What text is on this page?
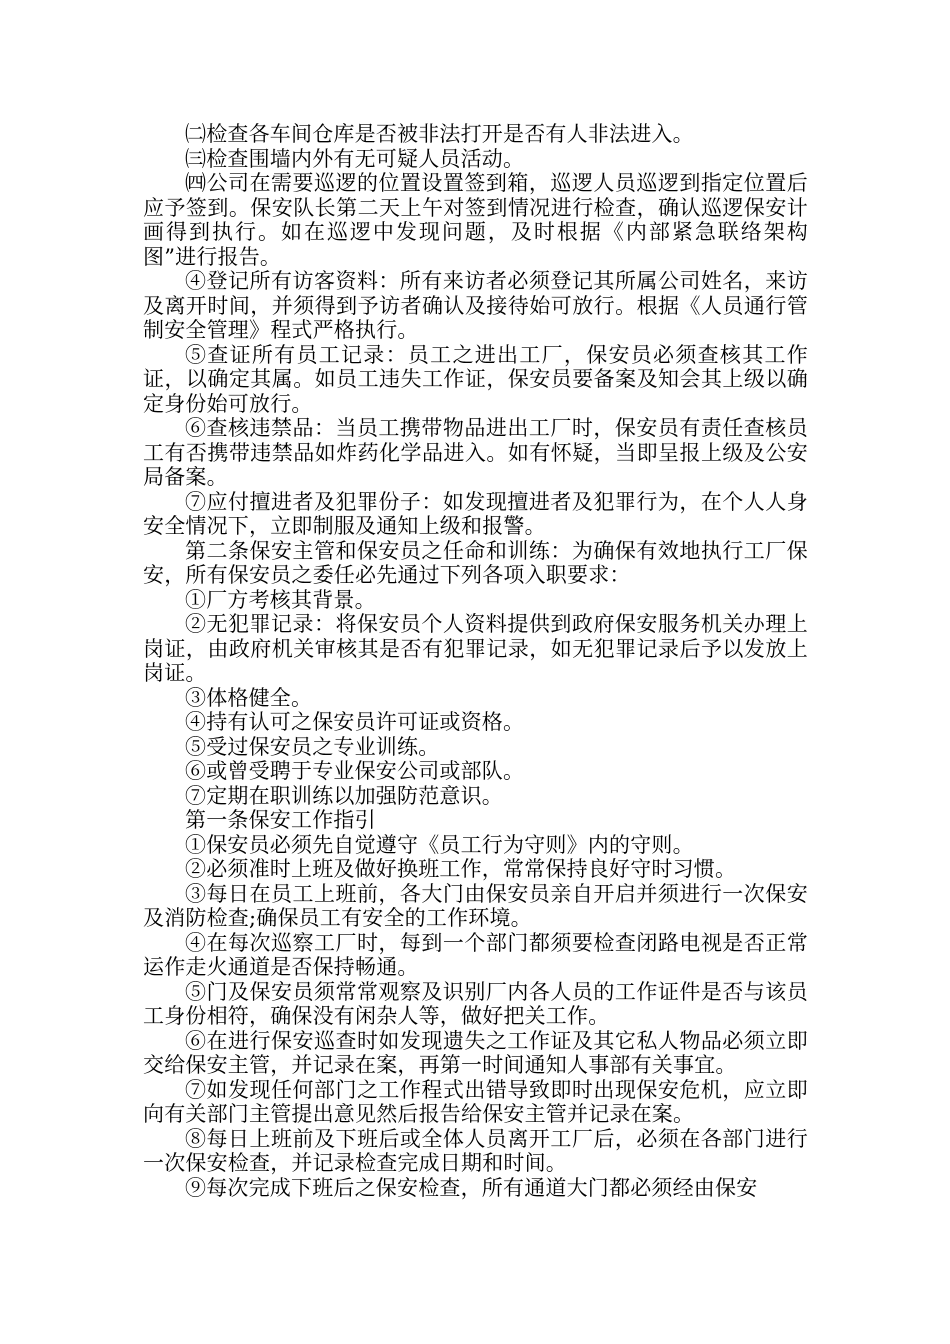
㈡检查各车间仓库是否被非法打开是否有人非法进入。

㈢检查围墙内外有无可疑人员活动。

㈣公司在需要巡逻的位置设置签到箱，巡逻人员巡逻到指定位置后应予签到。保安队长第二天上午对签到情况进行检查，确认巡逻保安计画得到执行。如在巡逻中发现问题，及时根据《内部紧急联络架构图”进行报告。

④登记所有访客资料：所有来访者必须登记其所属公司姓名，来访及离开时间，并须得到予访者确认及接待始可放行。根据《人员通行管制安全管理》程式严格执行。

⑤查证所有员工记录：员工之进出工厂，保安员必须查核其工作证，以确定其属。如员工违失工作证，保安员要备案及知会其上级以确定身份始可放行。

⑥查核违禁品：当员工携带物品进出工厂时，保安员有责任查核员工有否携带违禁品如炸药化学品进入。如有怀疑，当即呈报上级及公安局备案。

⑦应付擅进者及犯罪份子：如发现擅进者及犯罪行为，在个人人身安全情况下，立即制服及通知上级和报警。

第二条保安主管和保安员之任命和训练：为确保有效地执行工厂保安，所有保安员之委任必先通过下列各项入职要求：

①厂方考核其背景。

②无犯罪记录：将保安员个人资料提供到政府保安服务机关办理上岗证，由政府机关审核其是否有犯罪记录，如无犯罪记录后予以发放上岗证。

③体格健全。

④持有认可之保安员许可证或资格。

⑤受过保安员之专业训练。

⑥或曾受聘于专业保安公司或部队。

⑦定期在职训练以加强防范意识。

第一条保安工作指引

①保安员必须先自觉遵守《员工行为守则》内的守则。

②必须准时上班及做好换班工作，常常保持良好守时习惯。

③每日在员工上班前，各大门由保安员亲自开启并须进行一次保安及消防检查;确保员工有安全的工作环境。

④在每次巡察工厂时，每到一个部门都须要检查闭路电视是否正常运作走火通道是否保持畅通。

⑤门及保安员须常常观察及识别厂内各人员的工作证件是否与该员工身份相符，确保没有闲杂人等，做好把关工作。

⑥在进行保安巡查时如发现遗失之工作证及其它私人物品必须立即交给保安主管，并记录在案，再第一时间通知人事部有关事宜。

⑦如发现任何部门之工作程式出错导致即时出现保安危机，应立即向有关部门主管提出意见然后报告给保安主管并记录在案。

⑧每日上班前及下班后或全体人员离开工厂后，必须在各部门进行一次保安检查，并记录检查完成日期和时间。

⑨每次完成下班后之保安检查，所有通道大门都必须经由保安
